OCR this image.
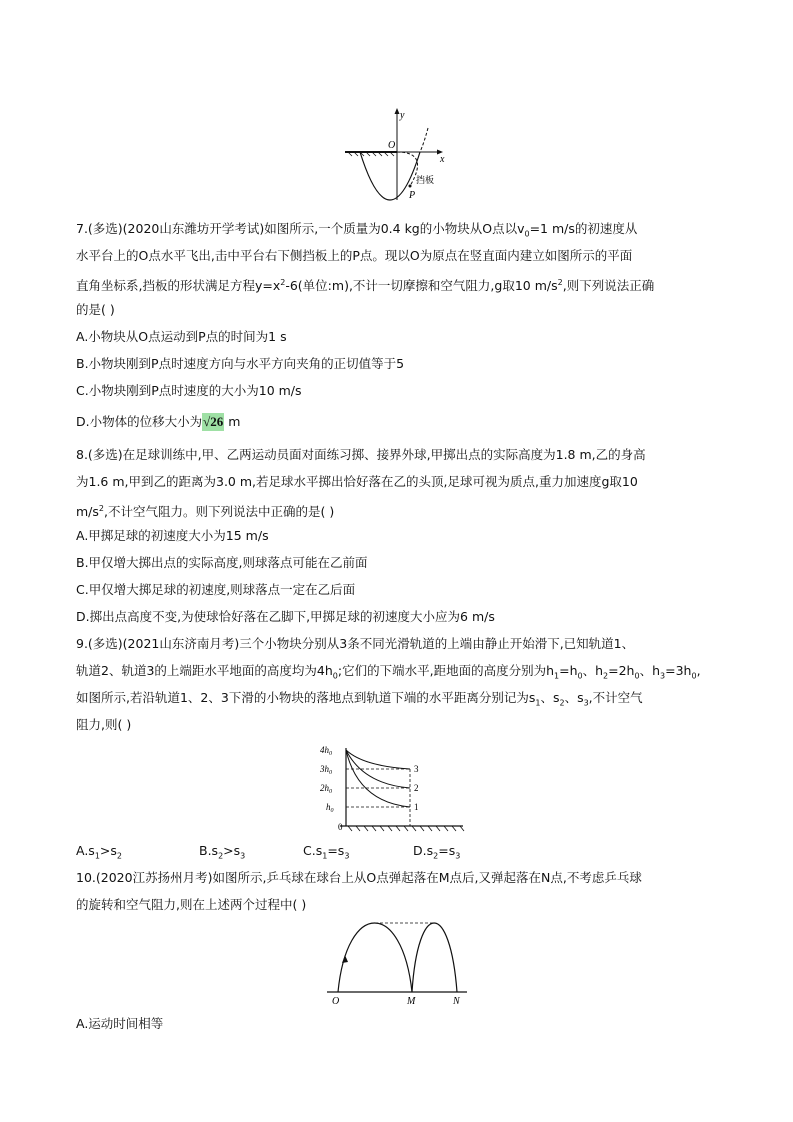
y
O
x
P
挡板
7.(多选)(2020山东潍坊开学考试)如图所示,一个质量为0.4 kg的小物块从O点以$v_0=1$ m/s的初速度从
水平台上的O点水平飞出,击中平台右下侧挡板上的P点。现以O为原点在竖直面内建立如图所示的平面
直角坐标系,挡板的形状满足方程$y=x^2-6$(单位:m),不计一切摩擦和空气阻力,g取10 $m/s^2$,则下列说法正确
的是( )
A.小物块从O点运动到P点的时间为1 s
B.小物块刚到P点时速度方向与水平方向夹角的正切值等于5
C.小物块刚到P点时速度的大小为10 m/s
D.小物体的位移大小为√26 m
8.(多选)在足球训练中,甲、乙两运动员面对面练习掷、接界外球,甲掷出点的实际高度为1.8 m,乙的身高
为1.6 m,甲到乙的距离为3.0 m,若足球水平掷出恰好落在乙的头顶,足球可视为质点,重力加速度g取10
$m/s^2$,不计空气阻力。则下列说法中正确的是( )
A.甲掷足球的初速度大小为15 m/s
B.甲仅增大掷出点的实际高度,则球落点可能在乙前面
C.甲仅增大掷足球的初速度,则球落点一定在乙后面
D.掷出点高度不变,为使球恰好落在乙脚下,甲掷足球的初速度大小应为6 m/s
9.(多选)(2021山东济南月考)三个小物块分别从3条不同光滑轨道的上端由静止开始滑下,已知轨道1、
轨道2、轨道3的上端距水平地面的高度均为$4h_0$;它们的下端水平,距地面的高度分别为$h_1=h_0$、$h_2=2h_0$、$h_3=3h_0$,
如图所示,若沿轨道1、2、3下滑的小物块的落地点到轨道下端的水平距离分别记为$s_1$、$s_2$、$s_3$,不计空气
阻力,则( )
$4h_0$
$3h_0$
$2h_0$
$h_0$
0
3
2
1
$A.s_1>s_2$	$B.s_2>s_3$	$C.s_1=s_3$	$D.s_2=s_3$
10.(2020江苏扬州月考)如图所示,乒乓球在球台上从O点弹起落在M点后,又弹起落在N点,不考虑乒乓球
的旋转和空气阻力,则在上述两个过程中( )
O	M	N
A.运动时间相等
